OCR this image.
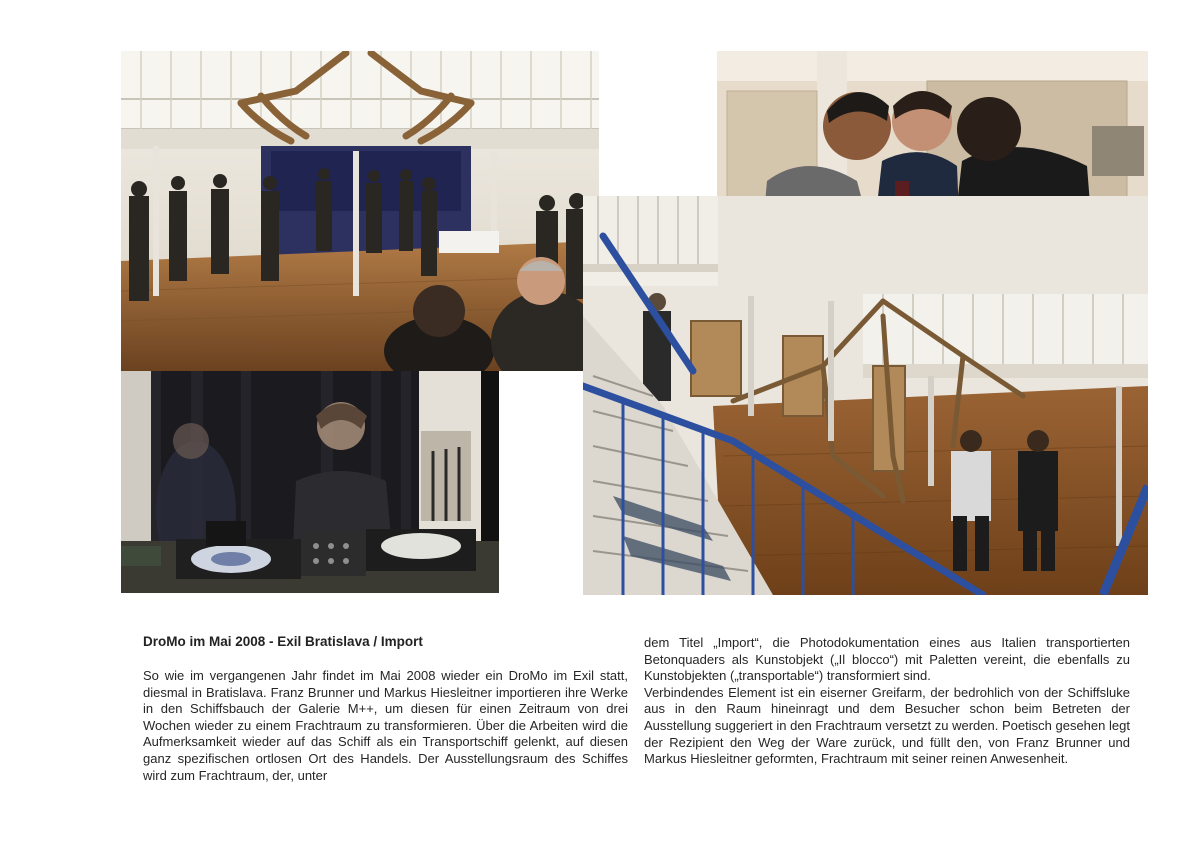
DroMo im Mai 2008 - Exil Bratislava / Import

So wie im vergangenen Jahr findet im Mai 2008 wieder ein DroMo im Exil statt, diesmal in Bratislava. Franz Brunner und Markus Hiesleitner importieren ihre Werke in den Schiffsbauch der Galerie M++, um diesen für einen Zeitraum von drei Wochen wieder zu einem Frachtraum zu transformieren. Über die Arbeiten wird die Aufmerksamkeit wieder auf das Schiff als ein Transportschiff gelenkt, auf diesen ganz spezifischen ortlosen Ort des Handels. Der Ausstellungsraum des Schiffes wird zum Frachtraum, der, unter

dem Titel „Import“, die Photodokumentation eines aus Italien transportierten Betonquaders als Kunstobjekt („Il blocco“) mit Paletten vereint, die ebenfalls zu Kunstobjekten („transportable“) transformiert sind.

Verbindendes Element ist ein eiserner Greifarm, der bedrohlich von der Schiffsluke aus in den Raum hineinragt und dem Besucher schon beim Betreten der Ausstellung suggeriert in den Frachtraum versetzt zu werden. Poetisch gesehen legt der Rezipient den Weg der Ware zurück, und füllt den, von Franz Brunner und Markus Hiesleitner geformten, Frachtraum mit seiner reinen Anwesenheit.
